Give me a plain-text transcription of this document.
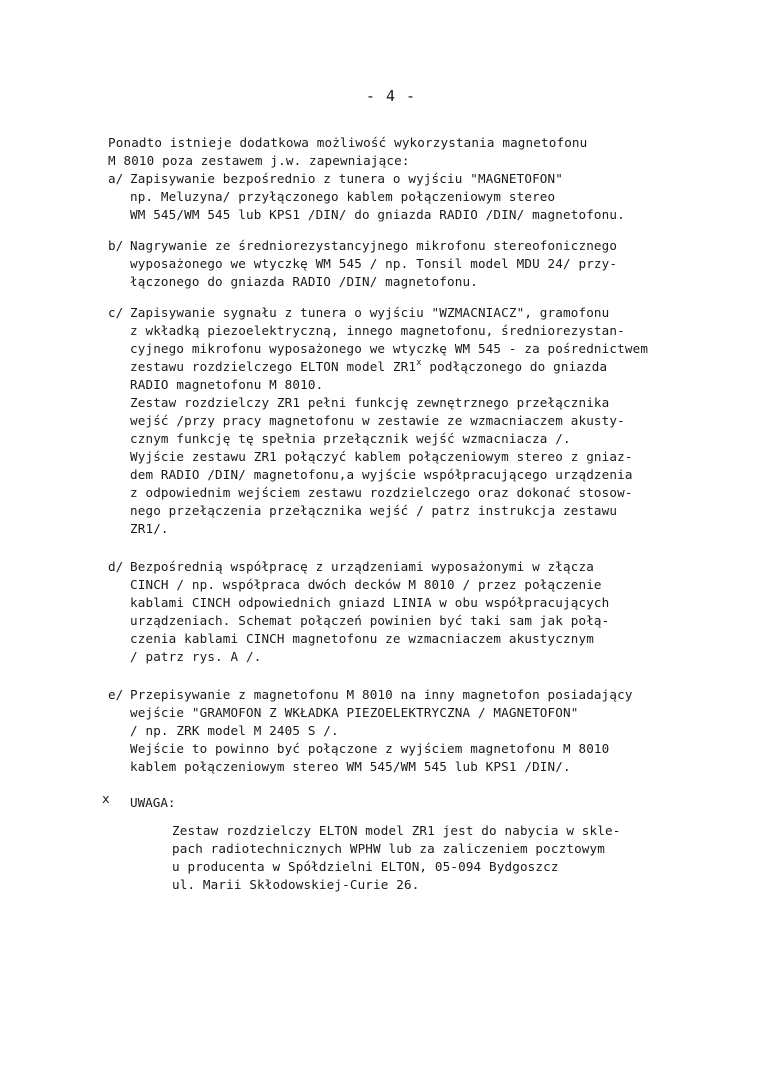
- 4 -
Ponadto istnieje dodatkowa możliwość wykorzystania magnetofonu
M 8010 poza zestawem j.w. zapewniające:
a/ Zapisywanie bezpośrednio z tunera o wyjściu "MAGNETOFON"
np. Meluzyna/ przyłączonego kablem połączeniowym stereo
WM 545/WM 545 lub KPS1 /DIN/ do gniazda RADIO /DIN/ magnetofonu.
b/ Nagrywanie ze średniorezystancyjnego mikrofonu stereofonicznego
wyposażonego we wtyczkę WM 545 / np. Tonsil model MDU 24/ przy-
łączonego do gniazda RADIO /DIN/ magnetofonu.
c/ Zapisywanie sygnału z tunera o wyjściu "WZMACNIACZ", gramofonu
z wkładką piezoelektryczną, innego magnetofonu, średniorezystan-
cyjnego mikrofonu wyposażonego we wtyczkę WM 545 - za pośrednictwem
zestawu rozdzielczego ELTON model ZR1$^x$ podłączonego do gniazda
RADIO magnetofonu M 8010.
Zestaw rozdzielczy ZR1 pełni funkcję zewnętrznego przełącznika
wejść /przy pracy magnetofonu w zestawie ze wzmacniaczem akusty-
cznym funkcję tę spełnia przełącznik wejść wzmacniacza /.
Wyjście zestawu ZR1 połączyć kablem połączeniowym stereo z gniaz-
dem RADIO /DIN/ magnetofonu,a wyjście współpracującego urządzenia
z odpowiednim wejściem zestawu rozdzielczego oraz dokonać stosow-
nego przełączenia przełącznika wejść / patrz instrukcja zestawu
ZR1/.
d/ Bezpośrednią współpracę z urządzeniami wyposażonymi w złącza
CINCH / np. współpraca dwóch decków M 8010 / przez połączenie
kablami CINCH odpowiednich gniazd LINIA w obu współpracujących
urządzeniach. Schemat połączeń powinien być taki sam jak połą-
czenia kablami CINCH magnetofonu ze wzmacniaczem akustycznym
/ patrz rys. A /.
e/ Przepisywanie z magnetofonu M 8010 na inny magnetofon posiadający
wejście "GRAMOFON Z WKŁADKA PIEZOELEKTRYCZNA / MAGNETOFON"
/ np. ZRK model M 2405 S /.
Wejście to powinno być połączone z wyjściem magnetofonu M 8010
kablem połączeniowym stereo WM 545/WM 545 lub KPS1 /DIN/.
x UWAGA:
Zestaw rozdzielczy ELTON model ZR1 jest do nabycia w skle-
pach radiotechnicznych WPHW lub za zaliczeniem pocztowym
u producenta w Spółdzielni ELTON, 05-094 Bydgoszcz
ul. Marii Skłodowskiej-Curie 26.
